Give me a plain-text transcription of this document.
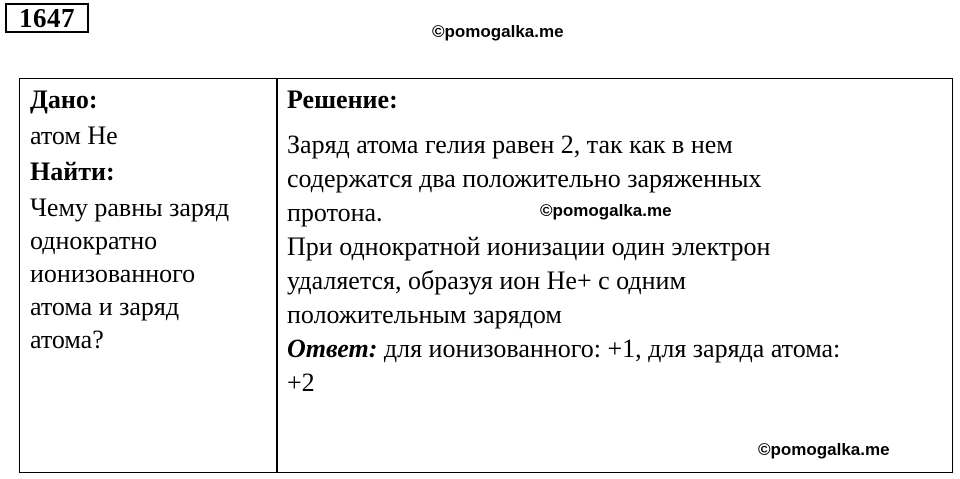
1647	©pomogalka.me
Дано:
атом He
Найти:
Чему равны заряд
однократно
ионизованного
атома и заряд
атома?
Решение:
Заряд атома гелия равен 2, так как в нем
содержатся два положительно заряженных
протона.
При однократной ионизации один электрон
удаляется, образуя ион He+ с одним
положительным зарядом
Ответ: для ионизованного: +1, для заряда атома:
+2
©pomogalka.me
©pomogalka.me
